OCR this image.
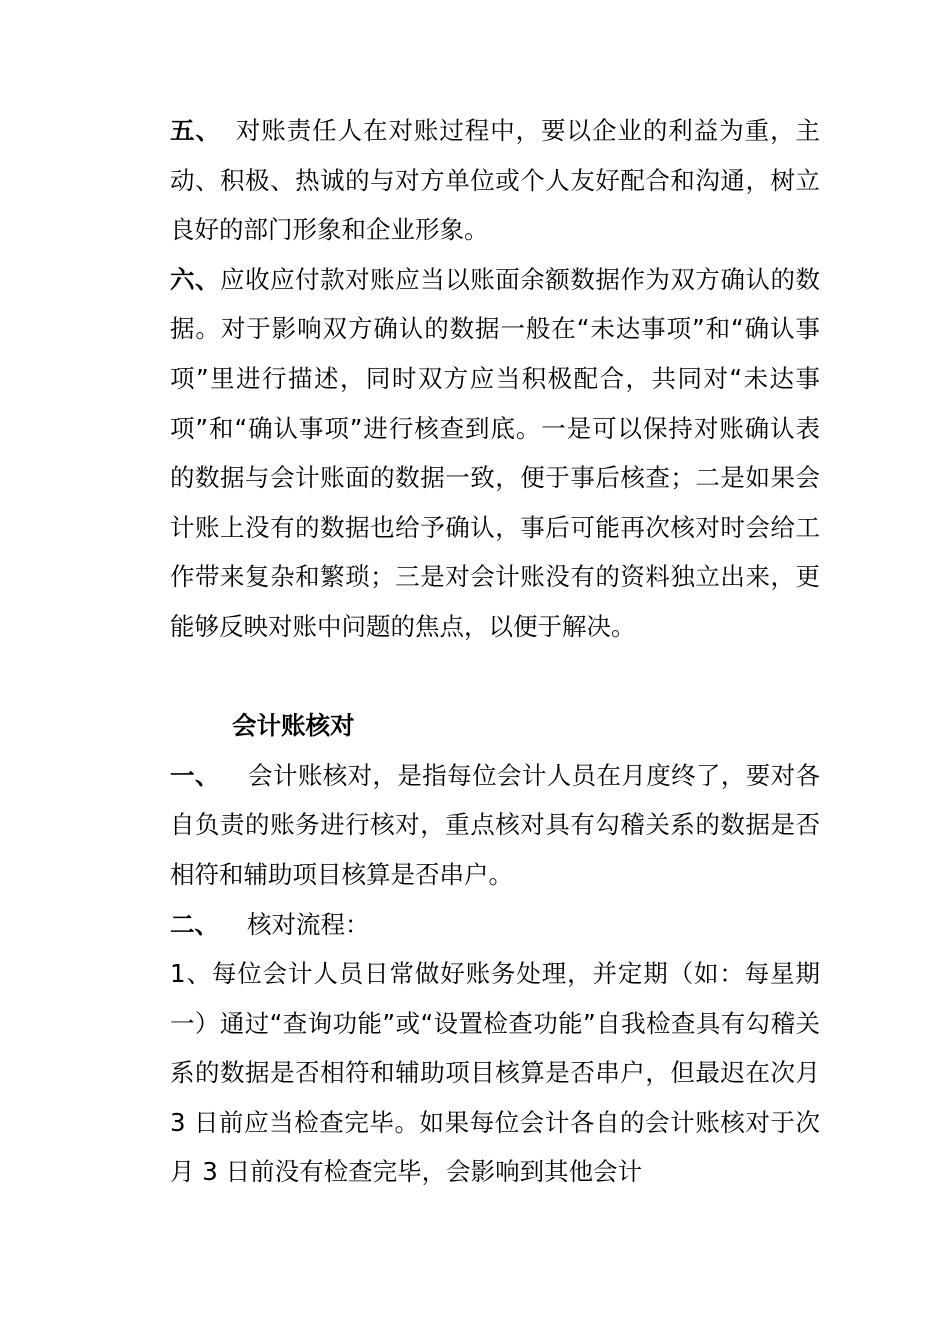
五、 对账责任人在对账过程中，要以企业的利益为重，主动、积极、热诚的与对方单位或个人友好配合和沟通，树立良好的部门形象和企业形象。

六、应收应付款对账应当以账面余额数据作为双方确认的数据。对于影响双方确认的数据一般在“未达事项”和“确认事项”里进行描述，同时双方应当积极配合，共同对“未达事项”和“确认事项”进行核查到底。一是可以保持对账确认表的数据与会计账面的数据一致，便于事后核查；二是如果会计账上没有的数据也给予确认，事后可能再次核对时会给工作带来复杂和繁琐；三是对会计账没有的资料独立出来，更能够反映对账中问题的焦点，以便于解决。

会计账核对

一、 会计账核对，是指每位会计人员在月度终了，要对各自负责的账务进行核对，重点核对具有勾稽关系的数据是否相符和辅助项目核算是否串户。

二、 核对流程：

1、每位会计人员日常做好账务处理，并定期（如：每星期一）通过“查询功能”或“设置检查功能”自我检查具有勾稽关系的数据是否相符和辅助项目核算是否串户，但最迟在次月 3 日前应当检查完毕。如果每位会计各自的会计账核对于次月 3 日前没有检查完毕，会影响到其他会计
